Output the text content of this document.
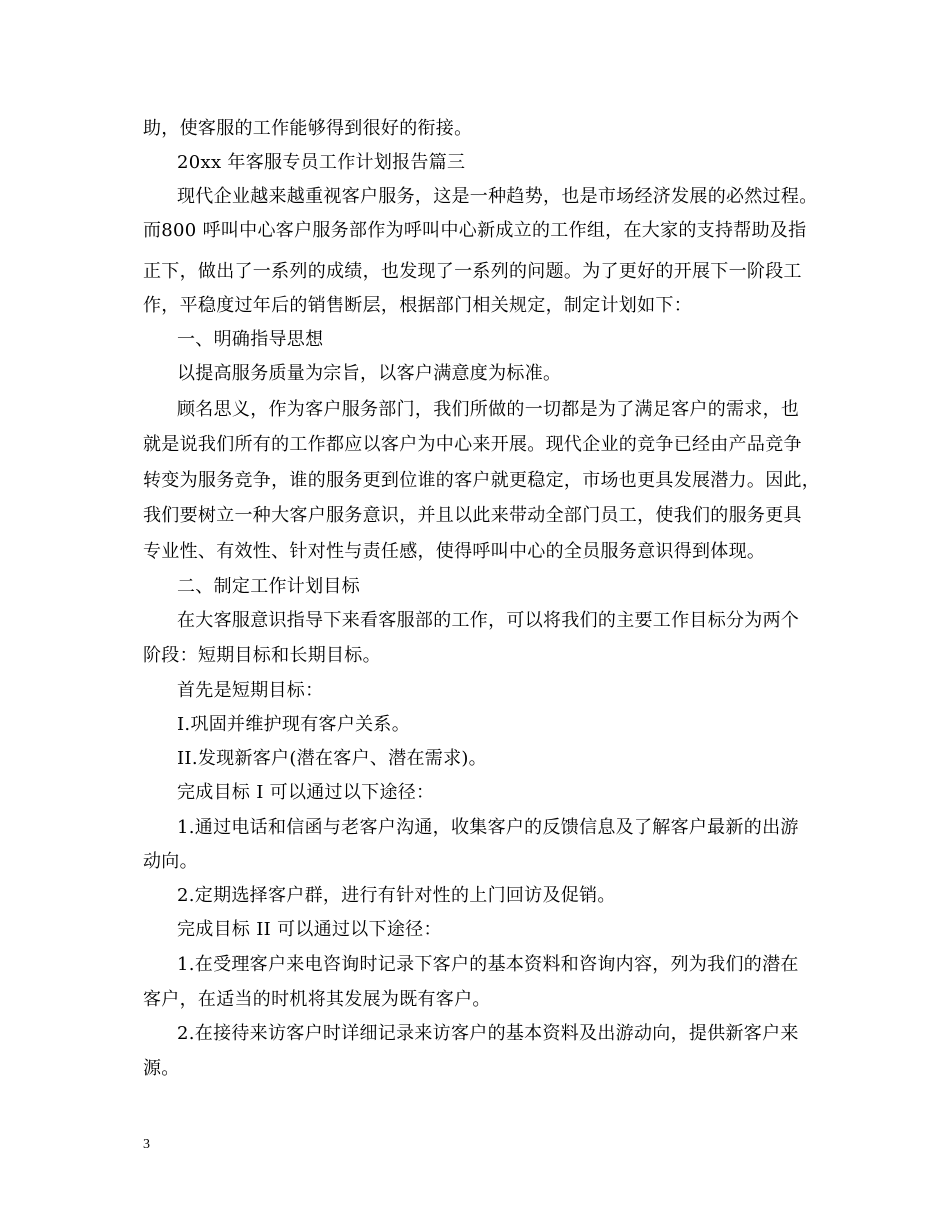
助，使客服的工作能够得到很好的衔接。
20xx 年客服专员工作计划报告篇三
现代企业越来越重视客户服务，这是一种趋势，也是市场经济发展的必然过程。
而800 呼叫中心客户服务部作为呼叫中心新成立的工作组，在大家的支持帮助及指
正下，做出了一系列的成绩，也发现了一系列的问题。为了更好的开展下一阶段工
作，平稳度过年后的销售断层，根据部门相关规定，制定计划如下：
一、明确指导思想
以提高服务质量为宗旨，以客户满意度为标准。
顾名思义，作为客户服务部门，我们所做的一切都是为了满足客户的需求，也
就是说我们所有的工作都应以客户为中心来开展。现代企业的竞争已经由产品竞争
转变为服务竞争，谁的服务更到位谁的客户就更稳定，市场也更具发展潜力。因此，
我们要树立一种大客户服务意识，并且以此来带动全部门员工，使我们的服务更具
专业性、有效性、针对性与责任感，使得呼叫中心的全员服务意识得到体现。
二、制定工作计划目标
在大客服意识指导下来看客服部的工作，可以将我们的主要工作目标分为两个
阶段：短期目标和长期目标。
首先是短期目标：
I.巩固并维护现有客户关系。
II.发现新客户(潜在客户、潜在需求)。
完成目标 I 可以通过以下途径：
1.通过电话和信函与老客户沟通，收集客户的反馈信息及了解客户最新的出游
动向。
2.定期选择客户群，进行有针对性的上门回访及促销。
完成目标 II 可以通过以下途径：
1.在受理客户来电咨询时记录下客户的基本资料和咨询内容，列为我们的潜在
客户，在适当的时机将其发展为既有客户。
2.在接待来访客户时详细记录来访客户的基本资料及出游动向，提供新客户来
源。
3
